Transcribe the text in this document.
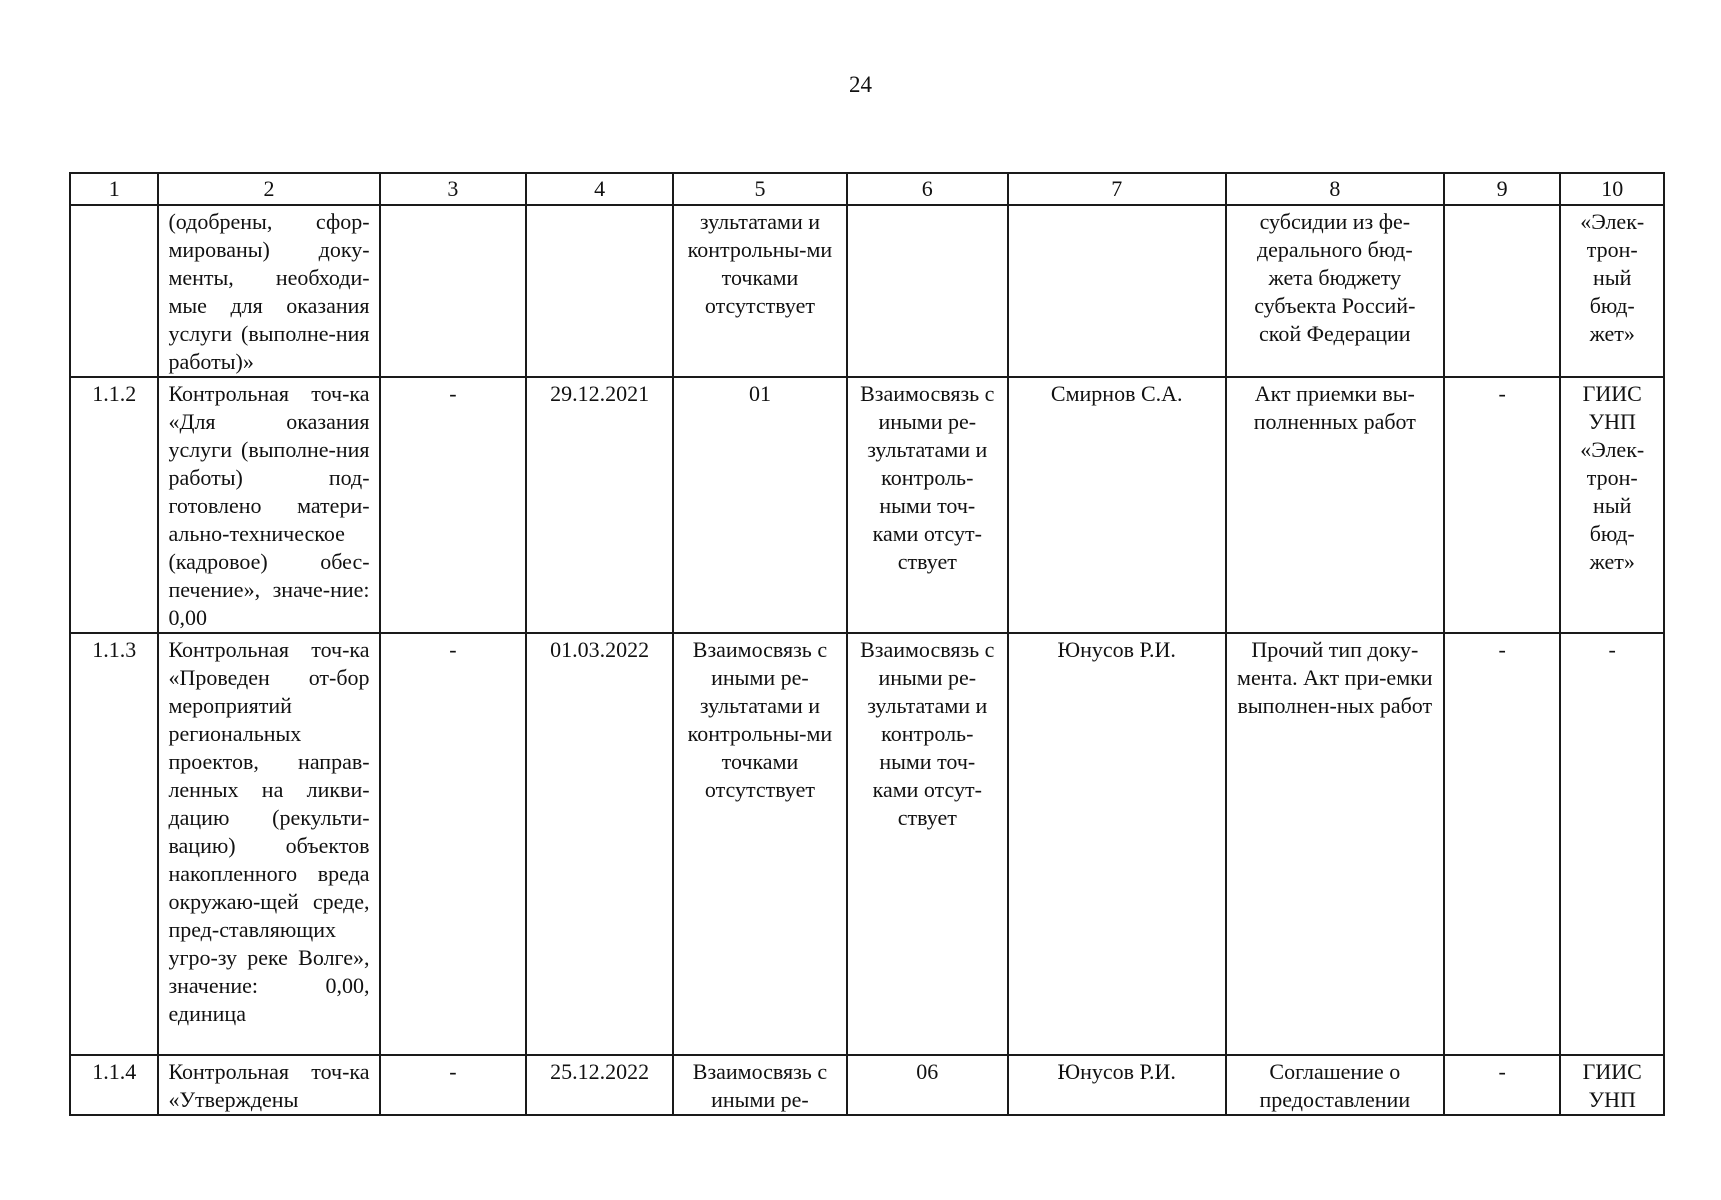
24
1	2	3	4	5	6	7	8	9	10
	(одобрены, сфор-мированы) доку-менты, необходи-мые для оказания услуги (выполне-ния работы)»			зультатами и контрольны-ми точками отсутствует			субсидии из фе-дерального бюд-жета бюджету субъекта Россий-ской Федерации		«Элек-трон-ный бюд-жет»
1.1.2	Контрольная точ-ка «Для оказания услуги (выполне-ния работы) под-готовлено матери-ально-техническое (кадровое) обес-печение», значе-ние: 0,00	-	29.12.2021	01	Взаимосвязь с иными ре-зультатами и контроль-ными точ-ками отсут-ствует	Смирнов С.А.	Акт приемки вы-полненных работ	-	ГИИС УНП «Элек-трон-ный бюд-жет»
1.1.3	Контрольная точ-ка «Проведен от-бор мероприятий региональных проектов, направ-ленных на ликви-дацию (рекульти-вацию) объектов накопленного вреда окружаю-щей среде, пред-ставляющих угро-зу реке Волге», значение: 0,00, единица	-	01.03.2022	Взаимосвязь с иными ре-зультатами и контрольны-ми точками отсутствует	Взаимосвязь с иными ре-зультатами и контроль-ными точ-ками отсут-ствует	Юнусов Р.И.	Прочий тип доку-мента. Акт при-емки выполнен-ных работ	-	-
1.1.4	Контрольная точ-ка «Утверждены	-	25.12.2022	Взаимосвязь с иными ре-	06	Юнусов Р.И.	Соглашение о предоставлении	-	ГИИС УНП
